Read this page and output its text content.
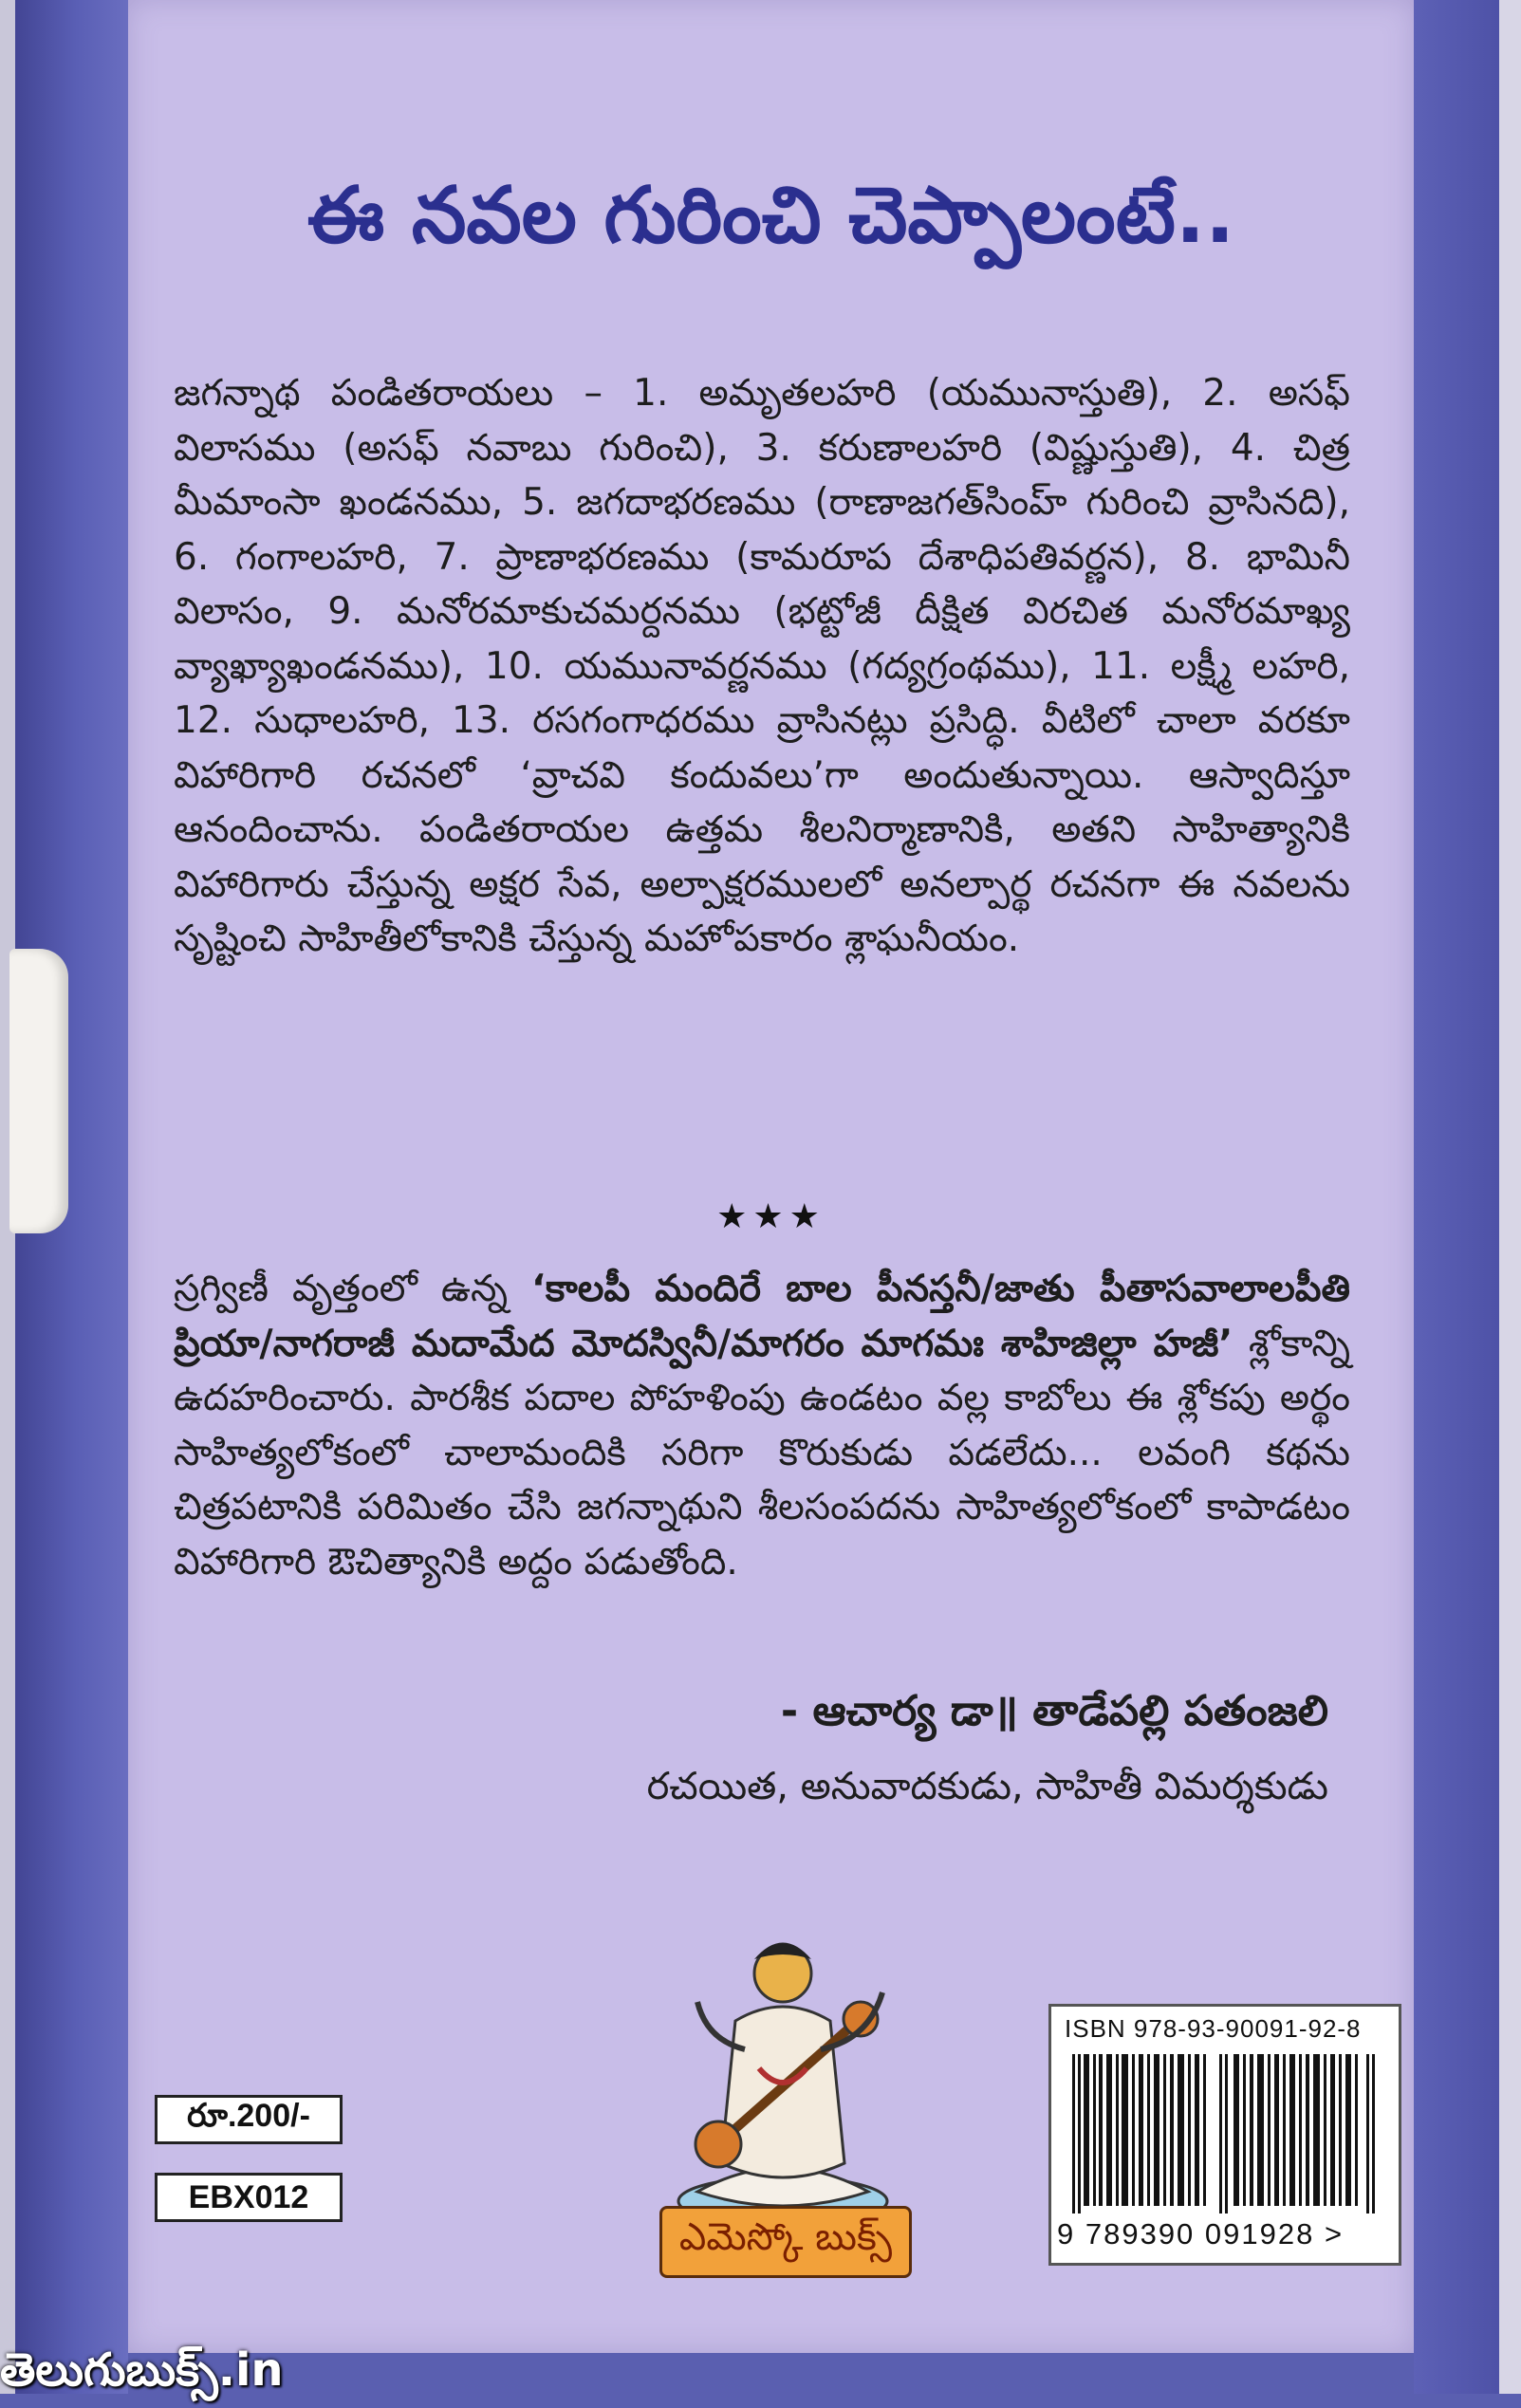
ఈ నవల గురించి చెప్పాలంటే..
జగన్నాథ పండితరాయలు – 1. అమృతలహరి (యమునాస్తుతి), 2. అసఫ్ విలాసము (అసఫ్ నవాబు గురించి), 3. కరుణాలహరి (విష్ణుస్తుతి), 4. చిత్ర మీమాంసా ఖండనము, 5. జగదాభరణము (రాణాజగత్‌సింహ్ గురించి వ్రాసినది), 6. గంగాలహరి, 7. ప్రాణాభరణము (కామరూప దేశాధిపతివర్ణన), 8. భామినీ విలాసం, 9. మనోరమాకుచమర్దనము (భట్టోజీ దీక్షిత విరచిత మనోరమాఖ్య వ్యాఖ్యాఖండనము), 10. యమునావర్ణనము (గద్యగ్రంథము), 11. లక్ష్మీ లహరి, 12. సుధాలహరి, 13. రసగంగాధరము వ్రాసినట్లు ప్రసిద్ధి. వీటిలో చాలా వరకూ విహారిగారి రచనలో ‘వ్రాచవి కందువలు’గా అందుతున్నాయి. ఆస్వాదిస్తూ ఆనందించాను. పండితరాయల ఉత్తమ శీలనిర్మాణానికి, అతని సాహిత్యానికి విహారిగారు చేస్తున్న అక్షర సేవ, అల్పాక్షరములలో అనల్పార్థ రచనగా ఈ నవలను సృష్టించి సాహితీలోకానికి చేస్తున్న మహోపకారం శ్లాఘనీయం.
★★★
స్రగ్విణీ వృత్తంలో ఉన్న ‘కాలపీ మందిరే బాల పీనస్తనీ/జాతు పీతాసవాలాలపీతి ప్రియా/నాగరాజీ మదామేద మోదస్వినీ/మాగరం మాగమః శాహిజిల్లా హజీ’ శ్లోకాన్ని ఉదహరించారు. పారశీక పదాల పోహళింపు ఉండటం వల్ల కాబోలు ఈ శ్లోకపు అర్థం సాహిత్యలోకంలో చాలామందికి సరిగా కొరుకుడు పడలేదు... లవంగి కథను చిత్రపటానికి పరిమితం చేసి జగన్నాథుని శీలసంపదను సాహిత్యలోకంలో కాపాడటం విహారిగారి ఔచిత్యానికి అద్దం పడుతోంది.
- ఆచార్య డా॥ తాడేపల్లి పతంజలి
రచయిత, అనువాదకుడు, సాహితీ విమర్శకుడు
రూ.200/-
EBX012
ఎమెస్కో బుక్స్
ISBN 978-93-90091-92-8
9 789390 091928 >
తెలుగుబుక్స్.in
